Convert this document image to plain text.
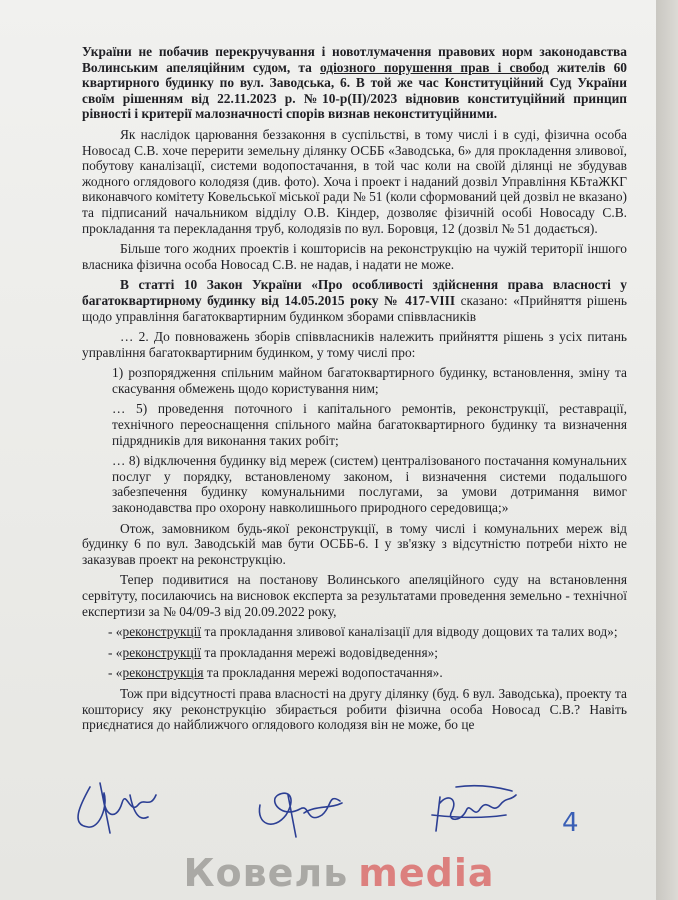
України не побачив перекручування і новотлумачення правових норм законодавства Волинським апеляційним судом, та одіозного порушення прав і свобод жителів 60 квартирного будинку по вул. Заводська, 6. В той же час Конституційний Суд України своїм рішенням від 22.11.2023 р. №10-р(II)/2023 відновив конституційний принцип рівності і критерії малозначності спорів визнав неконституційними.

Як наслідок царювання беззаконня в суспільстві, в тому числі і в суді, фізична особа Новосад С.В. хоче перерити земельну ділянку ОСББ «Заводська, 6» для прокладення зливової, побутову каналізації, системи водопостачання, в той час коли на своїй ділянці не збудував жодного оглядового колодязя (див. фото). Хоча і проект і наданий дозвіл Управління КБтаЖКГ виконавчого комітету Ковельської міської ради № 51 (коли сформований цей дозвіл не вказано) та підписаний начальником відділу О.В. Кіндер, дозволяє фізичній особі Новосаду С.В. прокладання та перекладання труб, колодязів по вул. Боровця, 12 (дозвіл № 51 додається).

Більше того жодних проектів і кошторисів на реконструкцію на чужій території іншого власника фізична особа Новосад С.В. не надав, і надати не може.

В статті 10 Закон України «Про особливості здійснення права власності у багатоквартирному будинку від 14.05.2015 року № 417-VIII сказано: «Прийняття рішень щодо управління багатоквартирним будинком зборами співвласників

… 2. До повноважень зборів співвласників належить прийняття рішень з усіх питань управління багатоквартирним будинком, у тому числі про:

1) розпорядження спільним майном багатоквартирного будинку, встановлення, зміну та скасування обмежень щодо користування ним;

… 5) проведення поточного і капітального ремонтів, реконструкції, реставрації, технічного переоснащення спільного майна багатоквартирного будинку та визначення підрядників для виконання таких робіт;

… 8) відключення будинку від мереж (систем) централізованого постачання комунальних послуг у порядку, встановленому законом, і визначення системи подальшого забезпечення будинку комунальними послугами, за умови дотримання вимог законодавства про охорону навколишнього природного середовища;»

Отож, замовником будь-якої реконструкції, в тому числі і комунальних мереж від будинку 6 по вул. Заводській мав бути ОСББ-6. І у зв'язку з відсутністю потреби ніхто не заказував проект на реконструкцію.

Тепер подивитися на постанову Волинського апеляційного суду на встановлення сервітуту, посилаючись на висновок експерта за результатами проведення земельно - технічної експертизи за № 04/09-3 від 20.09.2022 року,

- «реконструкції та прокладання зливової каналізації для відводу дощових та талих вод»;

- «реконструкції та прокладання мережі водовідведення»;

- «реконструкція та прокладання мережі водопостачання».

Тож при відсутності права власності на другу ділянку (буд. 6 вул. Заводська), проекту та кошторису яку реконструкцію збирається робити фізична особа Новосад С.В.? Навіть приєднатися до найближчого оглядового колодязя він не може, бо це

4
Ковель media
